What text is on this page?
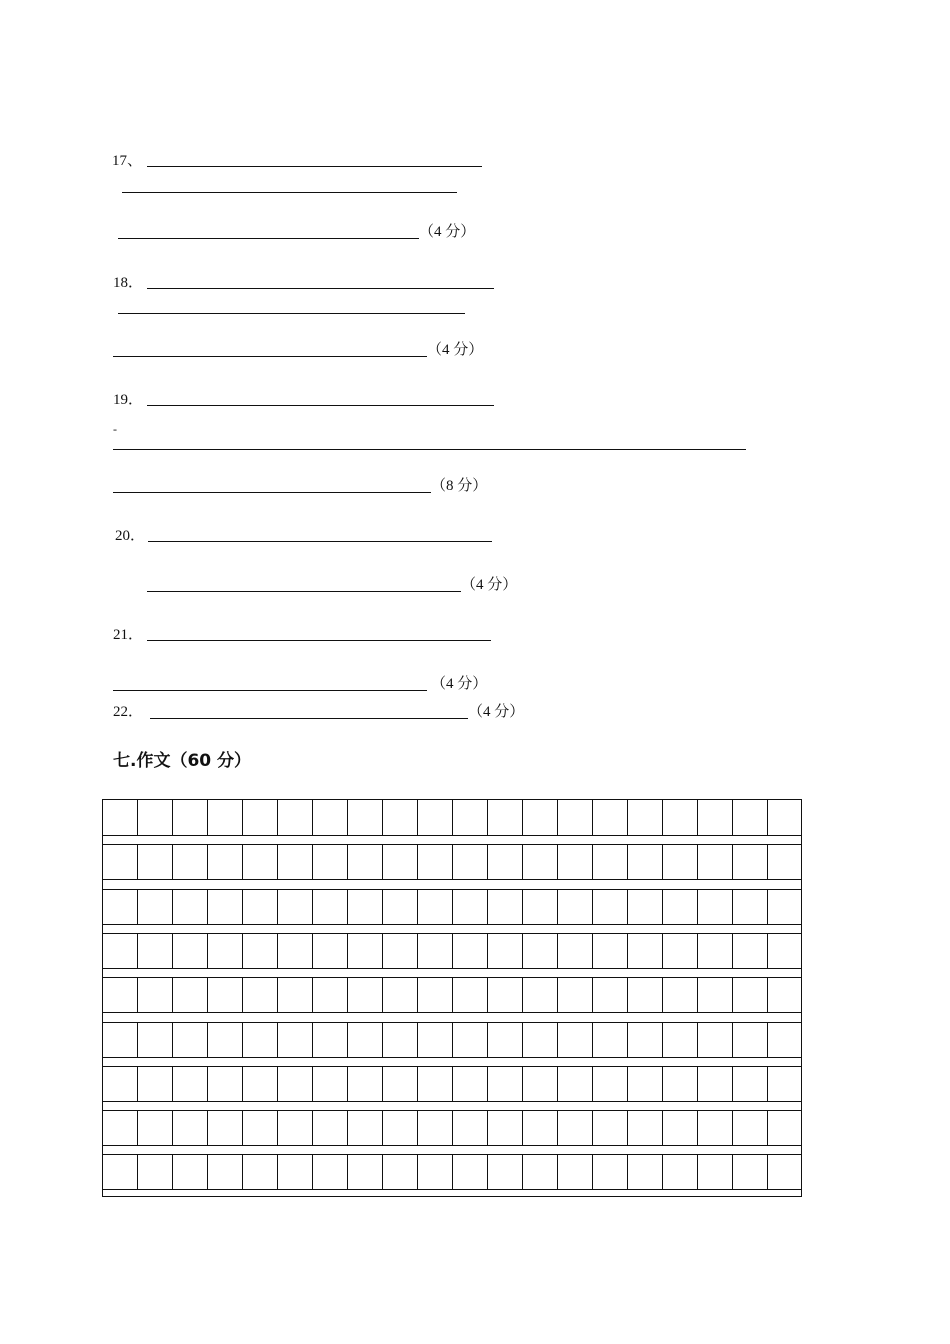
17、
（4 分）
18．
（4 分）
19．
-
（8 分）
20．
（4 分）
21．
（4 分）
22．	（4 分）
七.作文（60 分）
